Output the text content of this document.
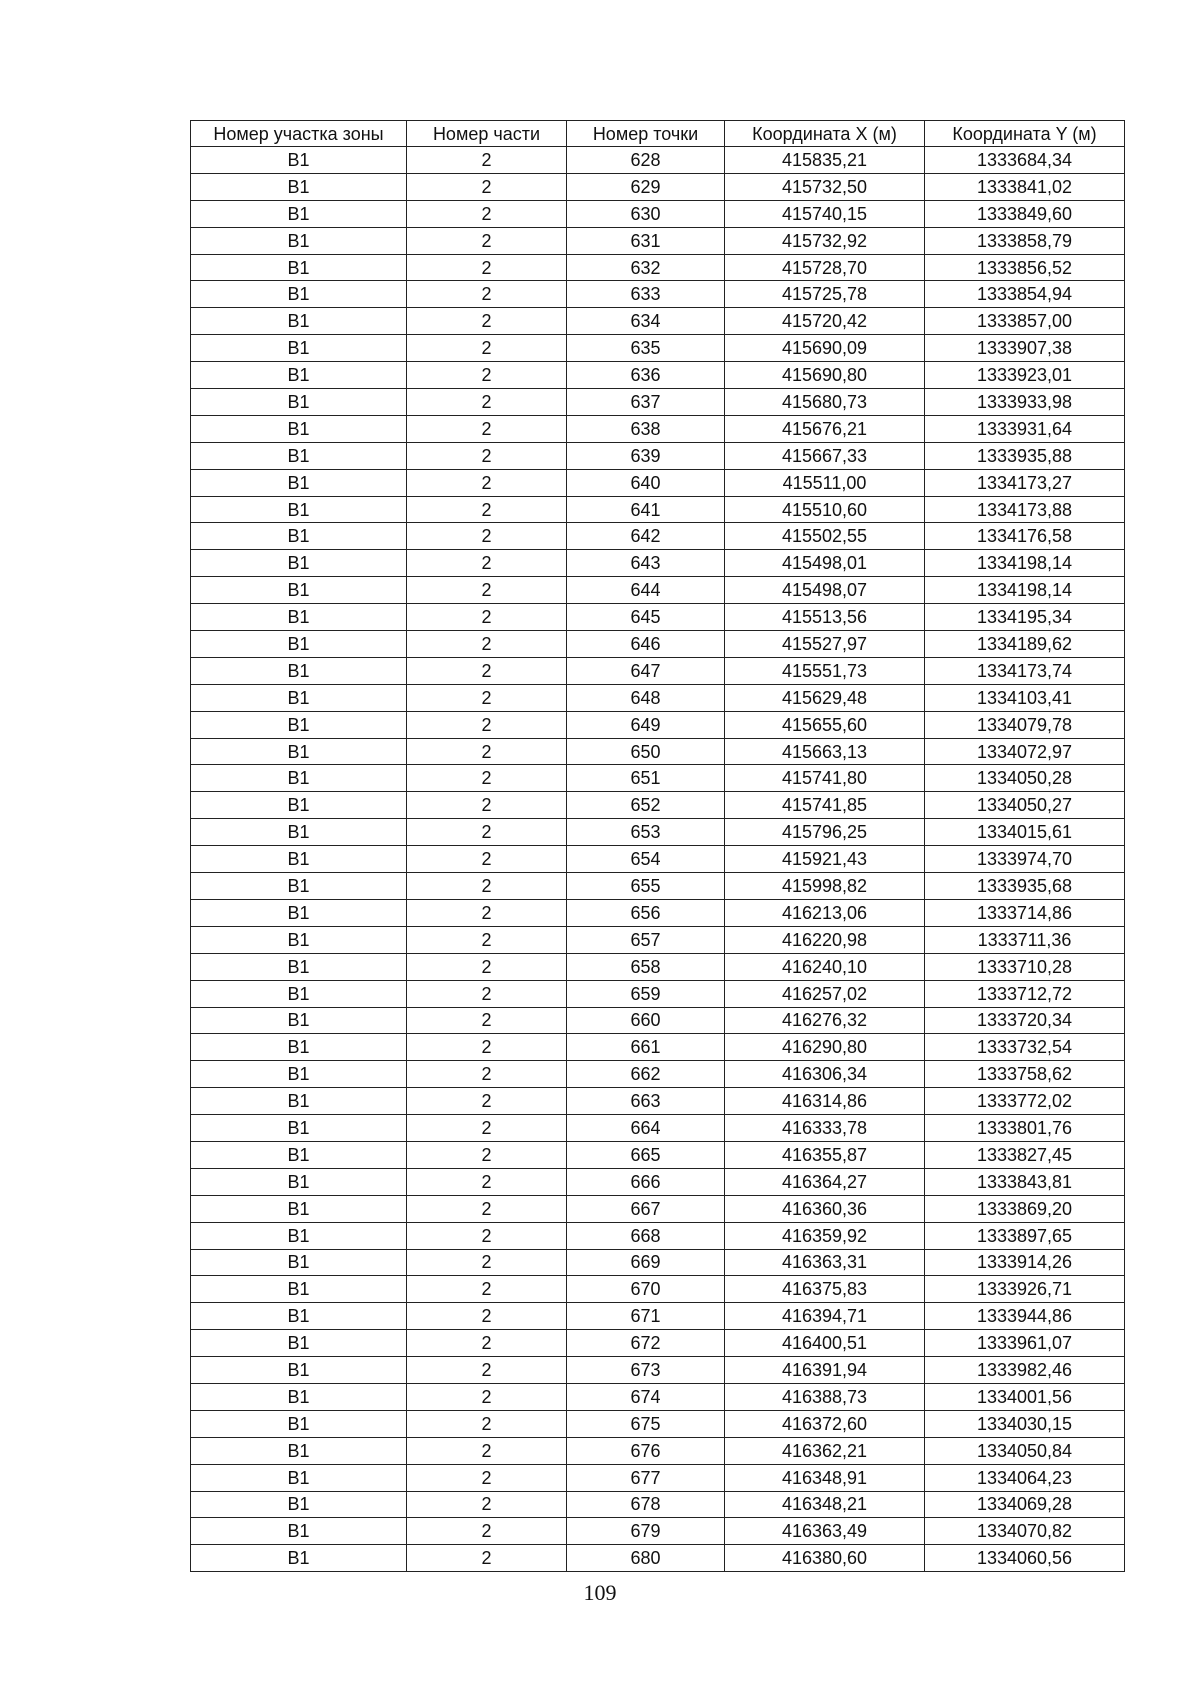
Номер участка зоны	Номер части	Номер точки	Координата X (м)	Координата Y (м)
В1	2	628	415835,21	1333684,34
В1	2	629	415732,50	1333841,02
В1	2	630	415740,15	1333849,60
В1	2	631	415732,92	1333858,79
В1	2	632	415728,70	1333856,52
В1	2	633	415725,78	1333854,94
В1	2	634	415720,42	1333857,00
В1	2	635	415690,09	1333907,38
В1	2	636	415690,80	1333923,01
В1	2	637	415680,73	1333933,98
В1	2	638	415676,21	1333931,64
В1	2	639	415667,33	1333935,88
В1	2	640	415511,00	1334173,27
В1	2	641	415510,60	1334173,88
В1	2	642	415502,55	1334176,58
В1	2	643	415498,01	1334198,14
В1	2	644	415498,07	1334198,14
В1	2	645	415513,56	1334195,34
В1	2	646	415527,97	1334189,62
В1	2	647	415551,73	1334173,74
В1	2	648	415629,48	1334103,41
В1	2	649	415655,60	1334079,78
В1	2	650	415663,13	1334072,97
В1	2	651	415741,80	1334050,28
В1	2	652	415741,85	1334050,27
В1	2	653	415796,25	1334015,61
В1	2	654	415921,43	1333974,70
В1	2	655	415998,82	1333935,68
В1	2	656	416213,06	1333714,86
В1	2	657	416220,98	1333711,36
В1	2	658	416240,10	1333710,28
В1	2	659	416257,02	1333712,72
В1	2	660	416276,32	1333720,34
В1	2	661	416290,80	1333732,54
В1	2	662	416306,34	1333758,62
В1	2	663	416314,86	1333772,02
В1	2	664	416333,78	1333801,76
В1	2	665	416355,87	1333827,45
В1	2	666	416364,27	1333843,81
В1	2	667	416360,36	1333869,20
В1	2	668	416359,92	1333897,65
В1	2	669	416363,31	1333914,26
В1	2	670	416375,83	1333926,71
В1	2	671	416394,71	1333944,86
В1	2	672	416400,51	1333961,07
В1	2	673	416391,94	1333982,46
В1	2	674	416388,73	1334001,56
В1	2	675	416372,60	1334030,15
В1	2	676	416362,21	1334050,84
В1	2	677	416348,91	1334064,23
В1	2	678	416348,21	1334069,28
В1	2	679	416363,49	1334070,82
В1	2	680	416380,60	1334060,56
109
